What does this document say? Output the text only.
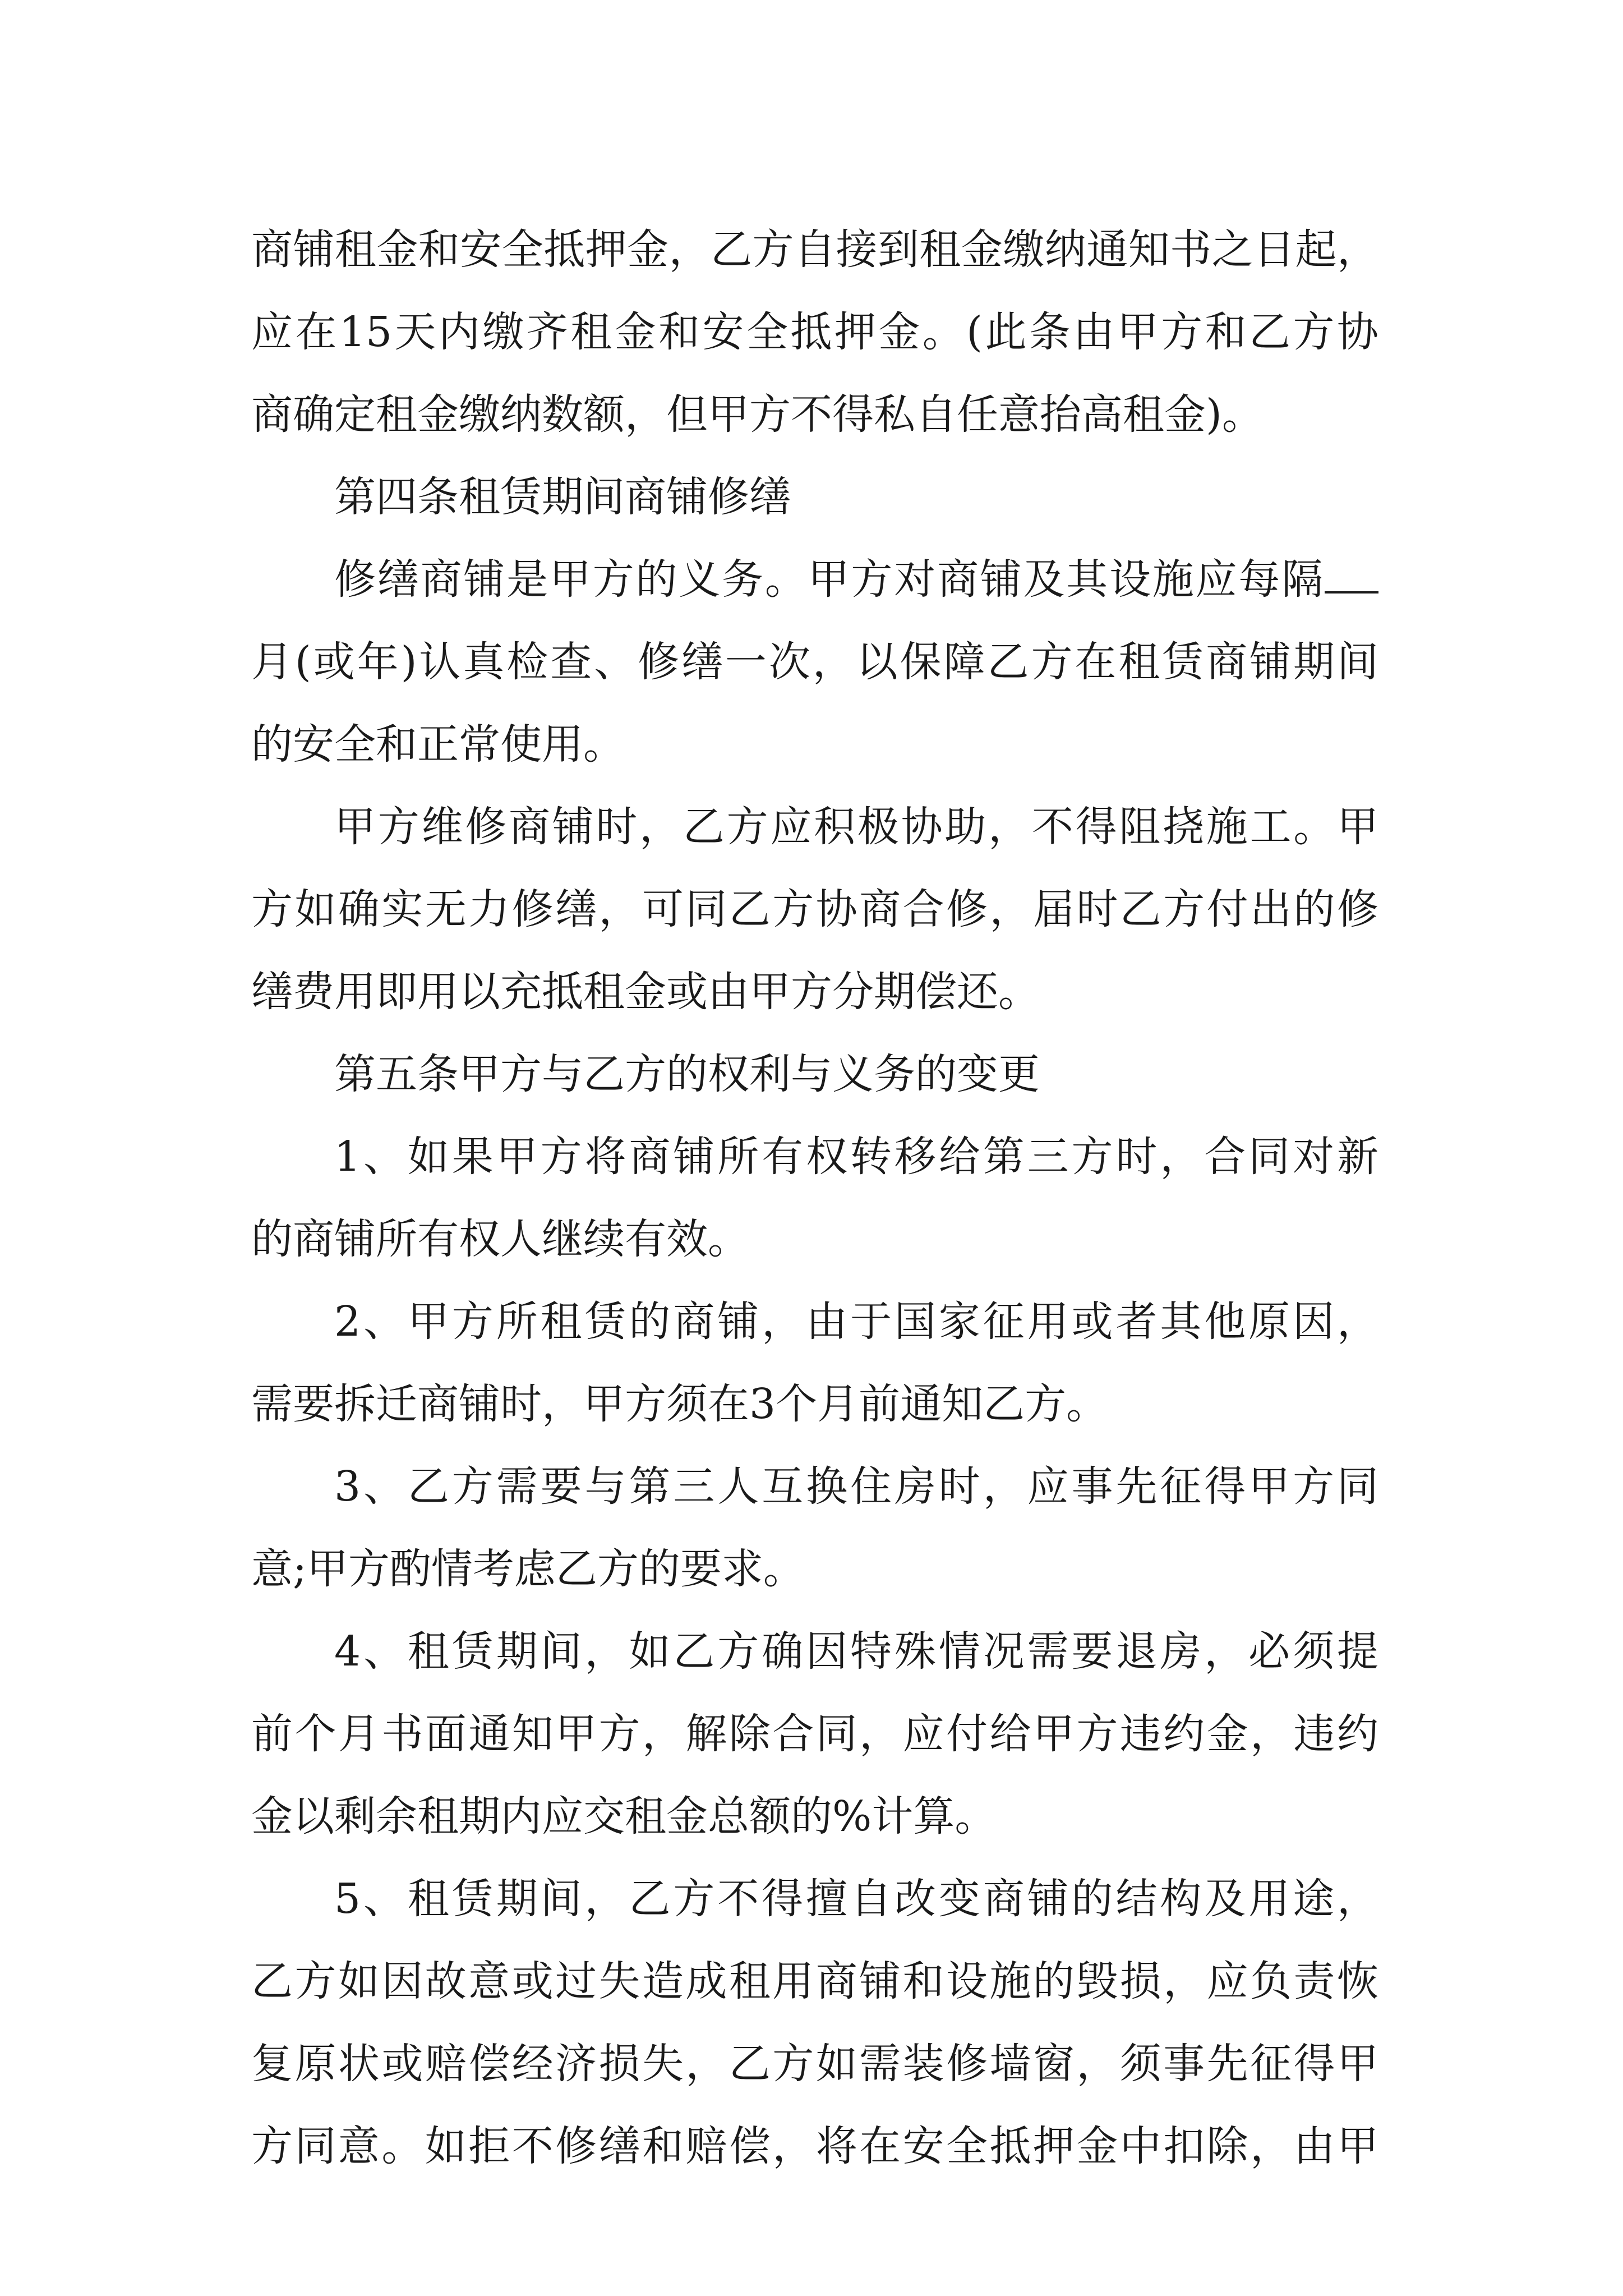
商铺租金和安全抵押金，乙方自接到租金缴纳通知书之日起，
应在15天内缴齐租金和安全抵押金。(此条由甲方和乙方协
商确定租金缴纳数额，但甲方不得私自任意抬高租金)。
第四条租赁期间商铺修缮
修缮商铺是甲方的义务。甲方对商铺及其设施应每隔
月(或年)认真检查、修缮一次，以保障乙方在租赁商铺期间
的安全和正常使用。
甲方维修商铺时，乙方应积极协助，不得阻挠施工。甲
方如确实无力修缮，可同乙方协商合修，届时乙方付出的修
缮费用即用以充抵租金或由甲方分期偿还。
第五条甲方与乙方的权利与义务的变更
1、如果甲方将商铺所有权转移给第三方时，合同对新
的商铺所有权人继续有效。
2、甲方所租赁的商铺，由于国家征用或者其他原因，
需要拆迁商铺时，甲方须在3个月前通知乙方。
3、乙方需要与第三人互换住房时，应事先征得甲方同
意;甲方酌情考虑乙方的要求。
4、租赁期间，如乙方确因特殊情况需要退房，必须提
前个月书面通知甲方，解除合同，应付给甲方违约金，违约
金以剩余租期内应交租金总额的%计算。
5、租赁期间，乙方不得擅自改变商铺的结构及用途，
乙方如因故意或过失造成租用商铺和设施的毁损，应负责恢
复原状或赔偿经济损失，乙方如需装修墙窗，须事先征得甲
方同意。如拒不修缮和赔偿，将在安全抵押金中扣除，由甲
